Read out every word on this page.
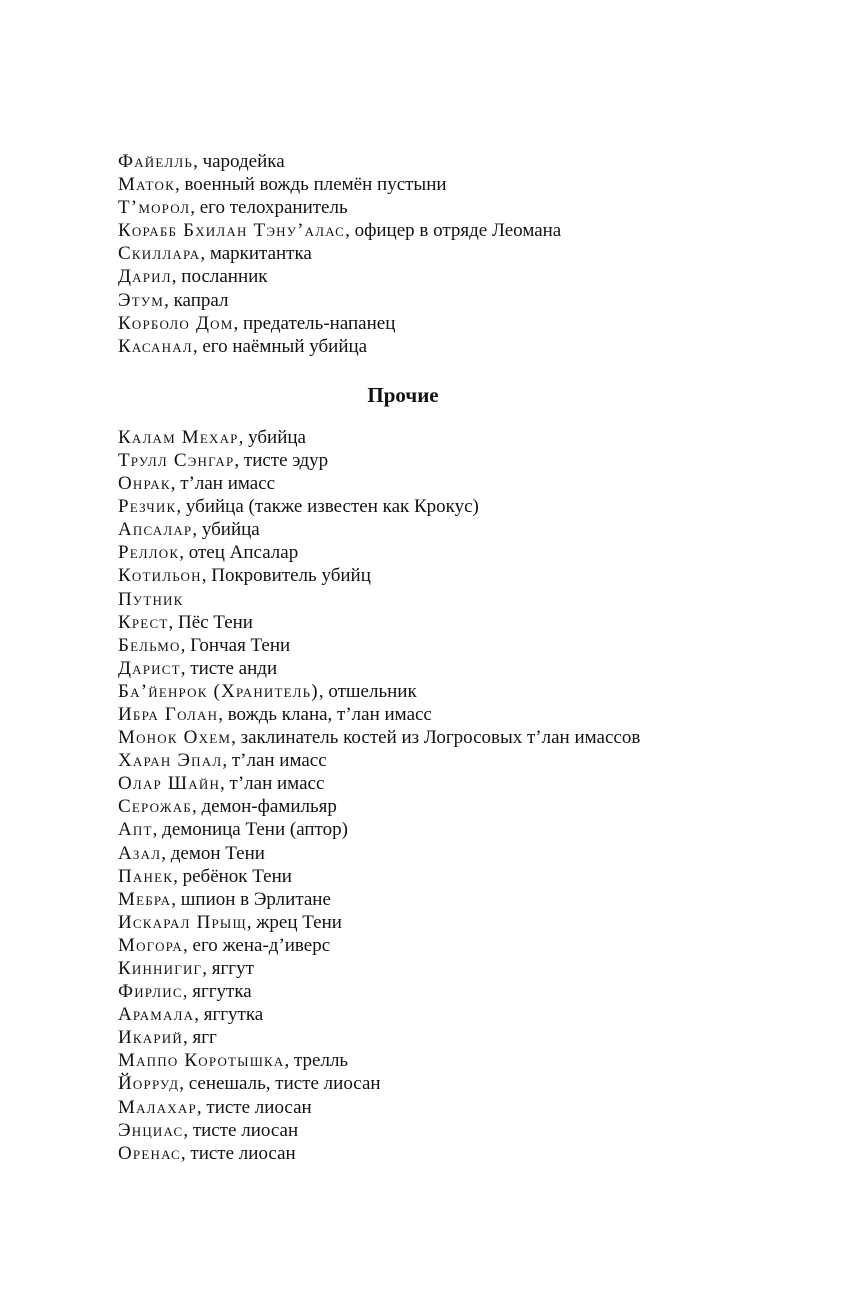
Файелль, чародейка
Маток, военный вождь племён пустыни
Т’морол, его телохранитель
Корабб Бхилан Тэну’алас, офицер в отряде Леомана
Скиллара, маркитантка
Дарил, посланник
Этум, капрал
Корболо Дом, предатель-напанец
Касанал, его наёмный убийца
Прочие
Калам Мехар, убийца
Трулл Сэнгар, тисте эдур
Онрак, т’лан имасс
Резчик, убийца (также известен как Крокус)
Апсалар, убийца
Реллок, отец Апсалар
Котильон, Покровитель убийц
Путник
Крест, Пёс Тени
Бельмо, Гончая Тени
Дарист, тисте анди
Ба’йенрок (Хранитель), отшельник
Ибра Голан, вождь клана, т’лан имасс
Монок Охем, заклинатель костей из Логросовых т’лан имассов
Харан Эпал, т’лан имасс
Олар Шайн, т’лан имасс
Серожаб, демон-фамильяр
Апт, демоница Тени (аптор)
Азал, демон Тени
Панек, ребёнок Тени
Мебра, шпион в Эрлитане
Искарал Прыщ, жрец Тени
Могора, его жена-д’иверс
Киннигиг, яггут
Фирлис, яггутка
Арамала, яггутка
Икарий, ягг
Маппо Коротышка, трелль
Йорруд, сенешаль, тисте лиосан
Малахар, тисте лиосан
Энциас, тисте лиосан
Оренас, тисте лиосан
